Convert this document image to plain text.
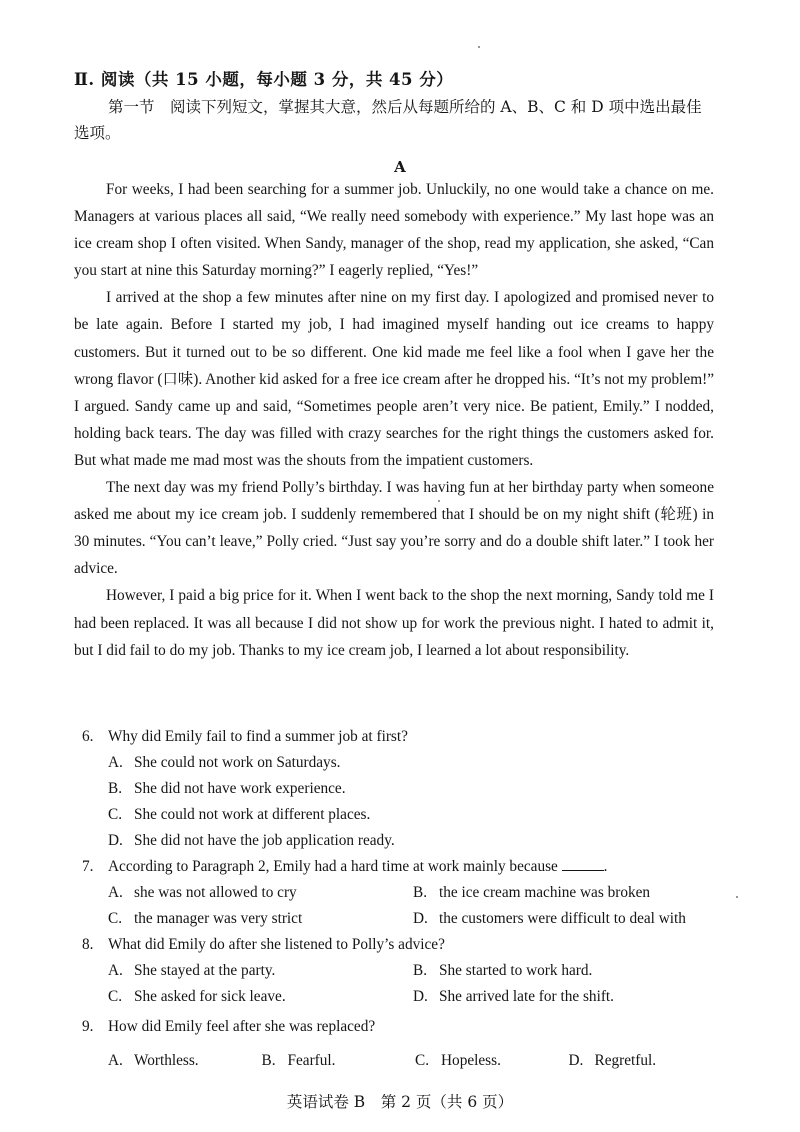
Ⅱ. 阅读（共 15 小题，每小题 3 分，共 45 分）
第一节　阅读下列短文，掌握其大意，然后从每题所给的 A、B、C 和 D 项中选出最佳选项。
A

For weeks, I had been searching for a summer job. Unluckily, no one would take a chance on me. Managers at various places all said, “We really need somebody with experience.” My last hope was an ice cream shop I often visited. When Sandy, manager of the shop, read my application, she asked, “Can you start at nine this Saturday morning?” I eagerly replied, “Yes!”

I arrived at the shop a few minutes after nine on my first day. I apologized and promised never to be late again. Before I started my job, I had imagined myself handing out ice creams to happy customers. But it turned out to be so different. One kid made me feel like a fool when I gave her the wrong flavor (口味). Another kid asked for a free ice cream after he dropped his. “It’s not my problem!” I argued. Sandy came up and said, “Sometimes people aren’t very nice. Be patient, Emily.” I nodded, holding back tears. The day was filled with crazy searches for the right things the customers asked for. But what made me mad most was the shouts from the impatient customers.

The next day was my friend Polly’s birthday. I was having fun at her birthday party when someone asked me about my ice cream job. I suddenly remembered that I should be on my night shift (轮班) in 30 minutes. “You can’t leave,” Polly cried. “Just say you’re sorry and do a double shift later.” I took her advice.

However, I paid a big price for it. When I went back to the shop the next morning, Sandy told me I had been replaced. It was all because I did not show up for work the previous night. I hated to admit it, but I did fail to do my job. Thanks to my ice cream job, I learned a lot about responsibility.

6. Why did Emily fail to find a summer job at first?
A. She could not work on Saturdays.
B. She did not have work experience.
C. She could not work at different places.
D. She did not have the job application ready.
7. According to Paragraph 2, Emily had a hard time at work mainly because	.
A. she was not allowed to cry	B. the ice cream machine was broken
C. the manager was very strict	D. the customers were difficult to deal with
8. What did Emily do after she listened to Polly’s advice?
A. She stayed at the party.	B. She started to work hard.
C. She asked for sick leave.	D. She arrived late for the shift.
9. How did Emily feel after she was replaced?
A. Worthless.	B. Fearful.	C. Hopeless.	D. Regretful.
英语试卷 B　第 2 页（共 6 页）
